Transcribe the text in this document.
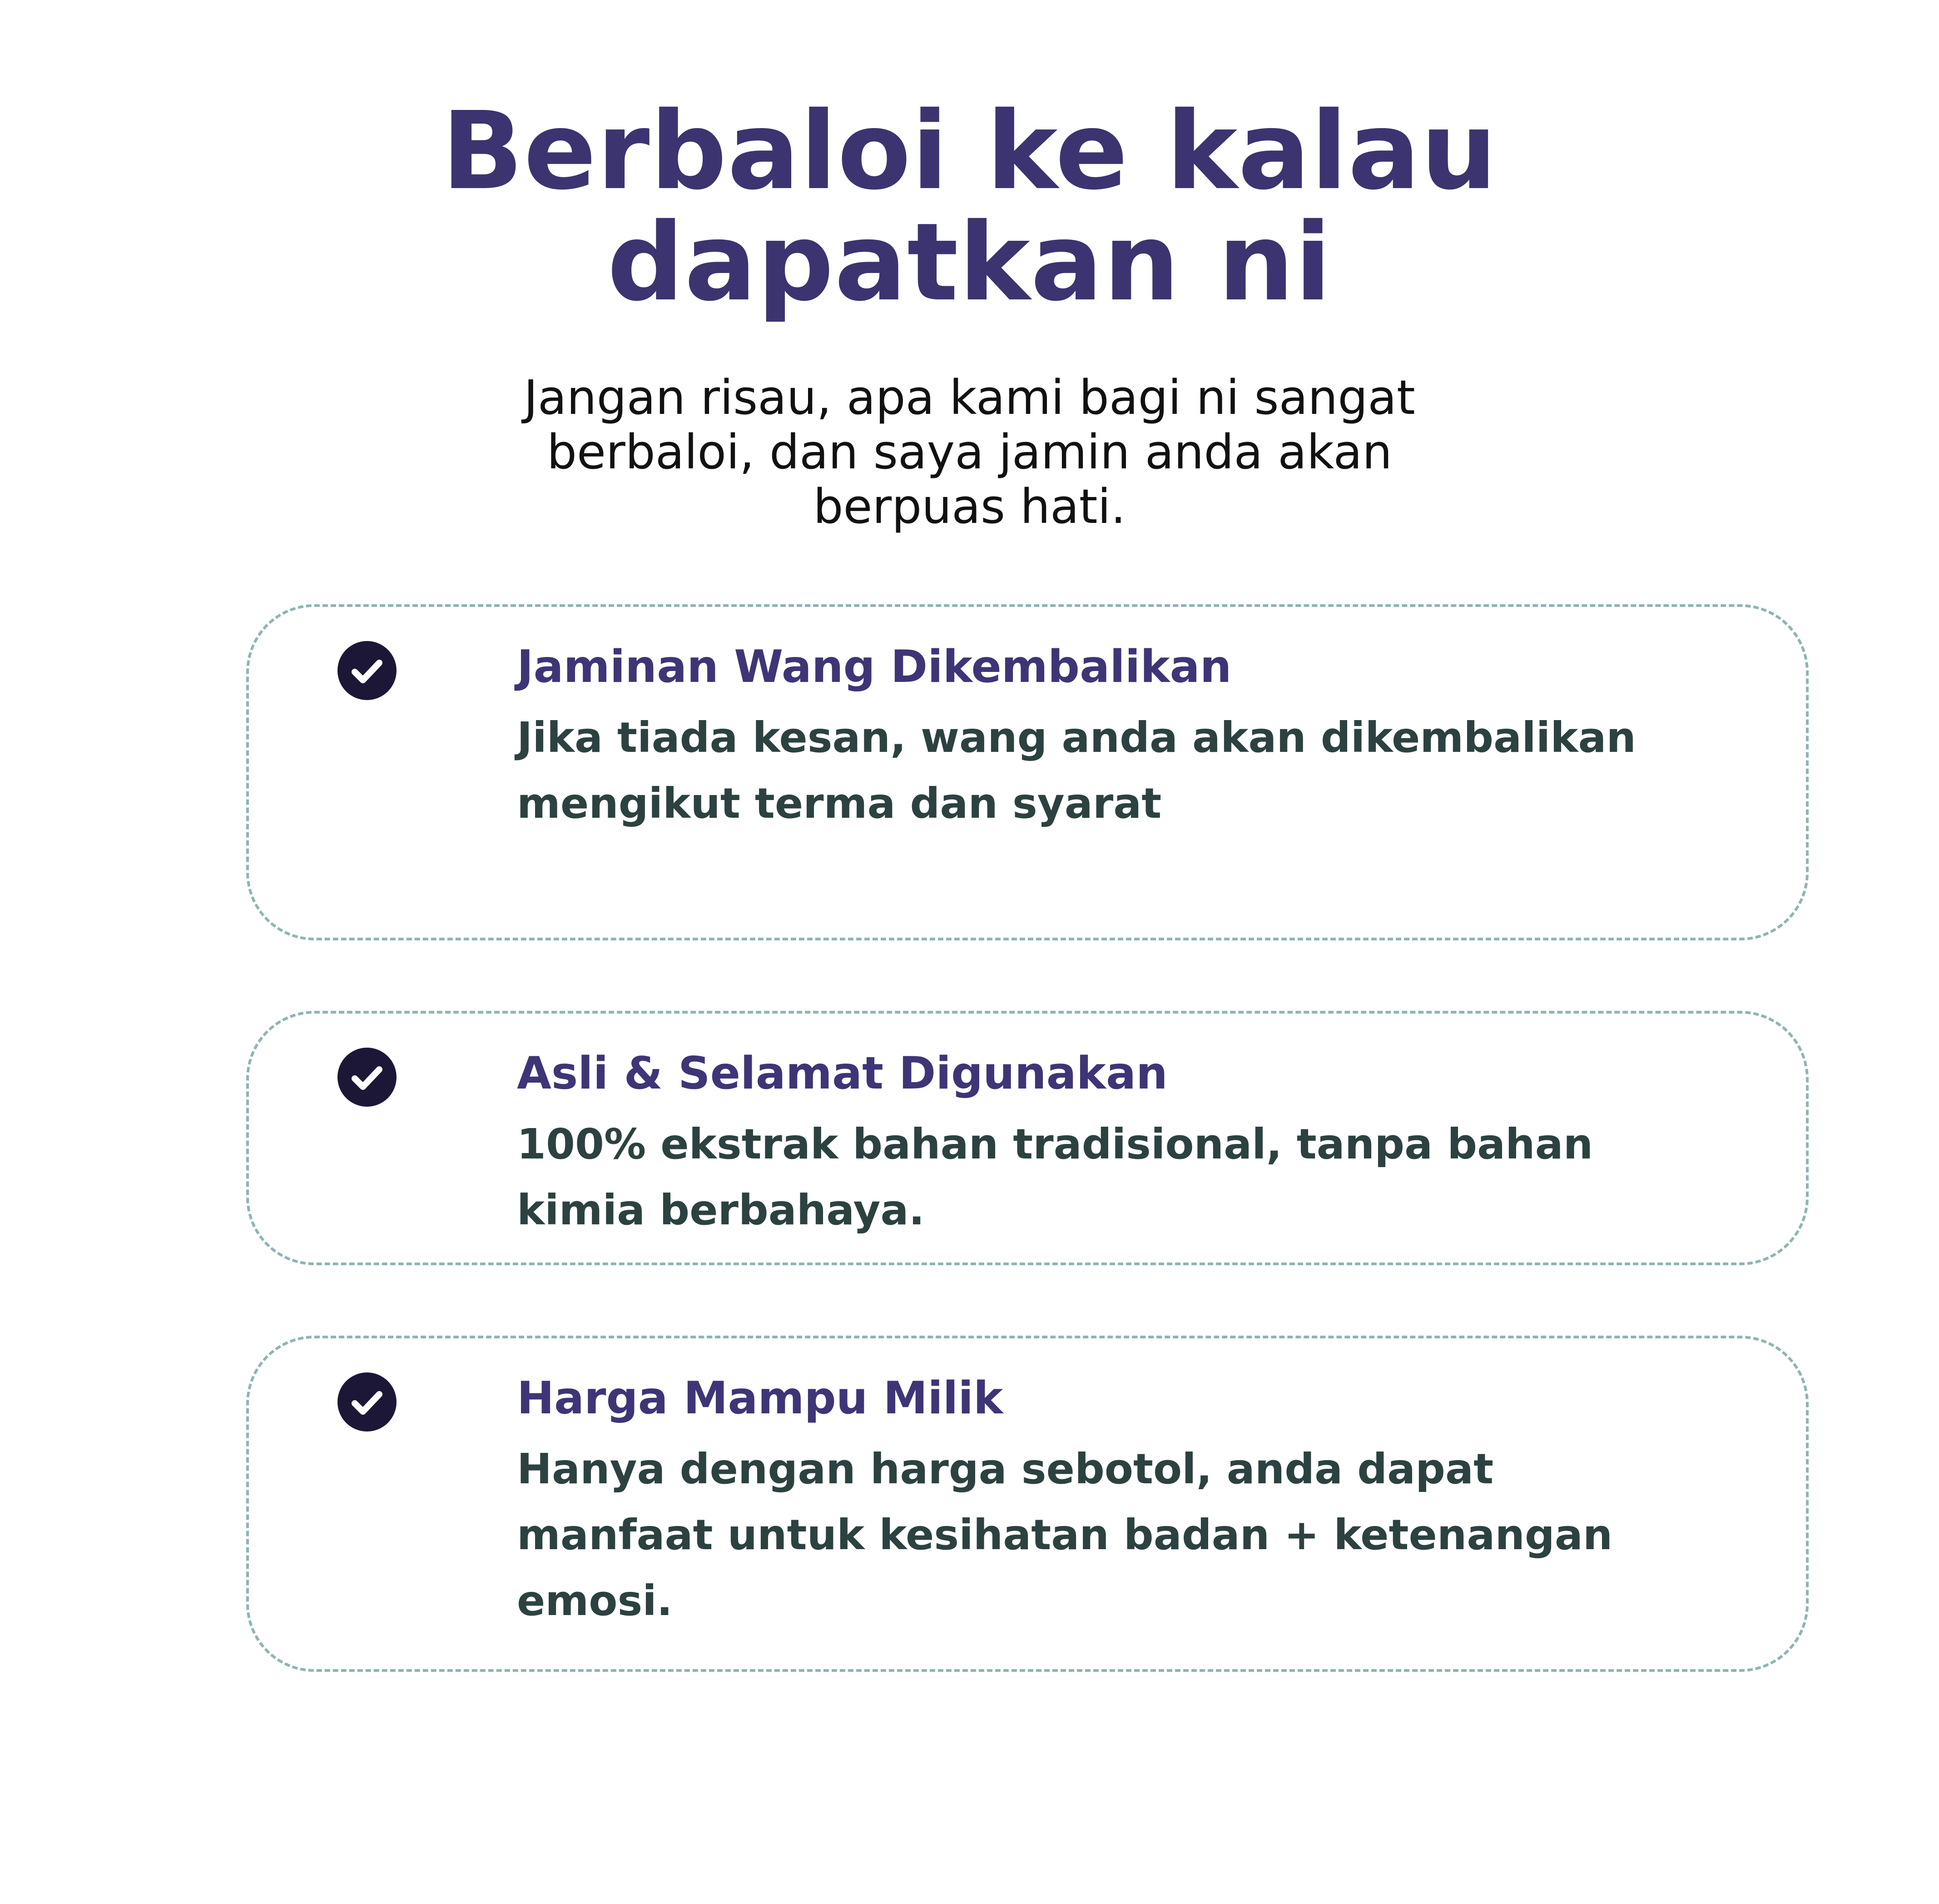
Berbaloi ke kalau
dapatkan ni

Jangan risau, apa kami bagi ni sangat
berbaloi, dan saya jamin anda akan
berpuas hati.

Jaminan Wang Dikembalikan

Jika tiada kesan, wang anda akan dikembalikan
mengikut terma dan syarat

Asli & Selamat Digunakan

100% ekstrak bahan tradisional, tanpa bahan
kimia berbahaya.

Harga Mampu Milik

Hanya dengan harga sebotol, anda dapat
manfaat untuk kesihatan badan + ketenangan
emosi.
